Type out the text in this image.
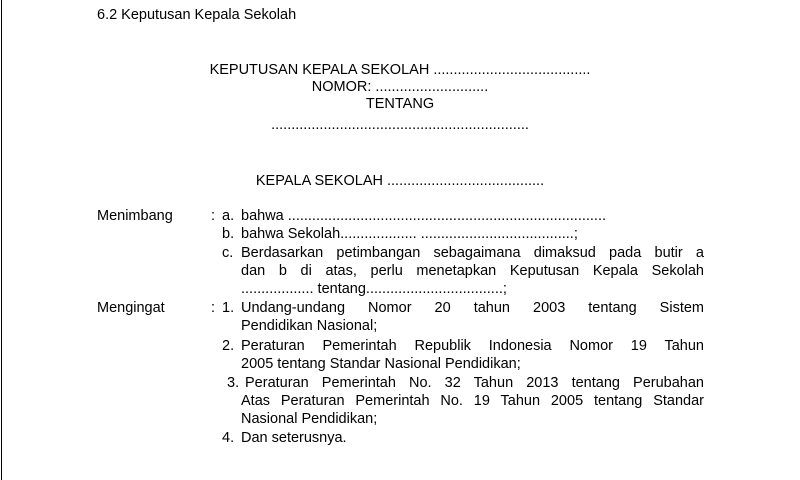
6.2 Keputusan Kepala Sekolah
KEPUTUSAN KEPALA SEKOLAH .......................................
NOMOR: ............................
TENTANG
................................................................
KEPALA SEKOLAH .......................................
Menimbang	: a. bahwa ...............................................................................
b. bahwa Sekolah................... ......................................;
c. Berdasarkan petimbangan sebagaimana dimaksud pada butir a
dan b di atas, perlu menetapkan Keputusan Kepala Sekolah
.................. tentang..................................;
Mengingat	: 1. Undang-undang Nomor 20 tahun 2003 tentang Sistem
Pendidikan Nasional;
2. Peraturan Pemerintah Republik Indonesia Nomor 19 Tahun
2005 tentang Standar Nasional Pendidikan;
3. Peraturan Pemerintah No. 32 Tahun 2013 tentang Perubahan
Atas Peraturan Pemerintah No. 19 Tahun 2005 tentang Standar
Nasional Pendidikan;
4. Dan seterusnya.
